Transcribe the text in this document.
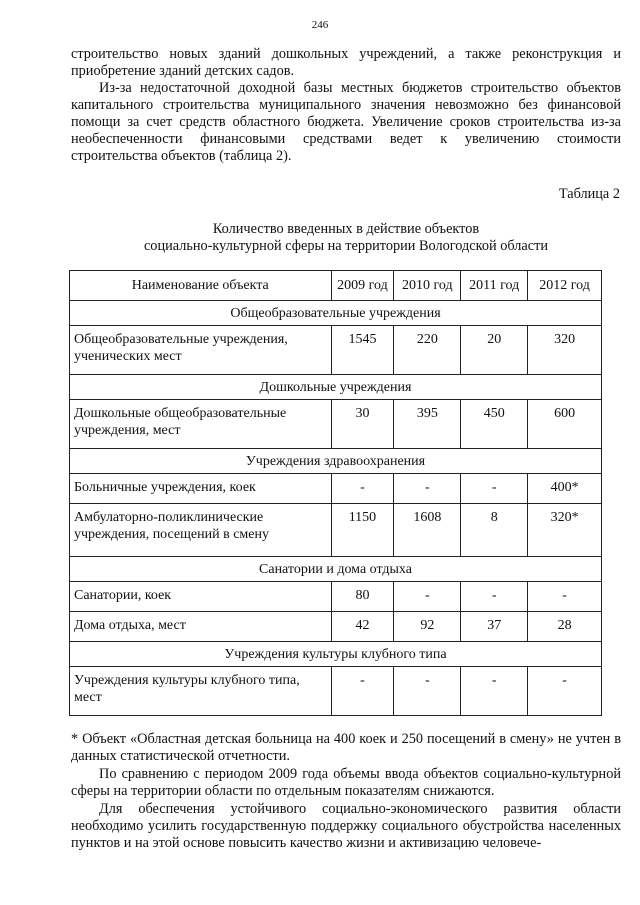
246

строительство новых зданий дошкольных учреждений, а также реконструкция и приобретение зданий детских садов.

Из-за недостаточной доходной базы местных бюджетов строительство объектов капитального строительства муниципального значения невозможно без финансовой помощи за счет средств областного бюджета. Увеличение сроков строительства из-за необеспеченности финансовыми средствами ведет к увеличению стоимости строительства объектов (таблица 2).

Таблица 2
Количество введенных в действие объектов
социально-культурной сферы на территории Вологодской области
Наименование объекта	2009 год	2010 год	2011 год	2012 год
Общеобразовательные учреждения				
Общеобразовательные учреждения, ученических мест	1545	220	20	320
Дошкольные учреждения				
Дошкольные общеобразовательные учреждения, мест	30	395	450	600
Учреждения здравоохранения				
Больничные учреждения, коек	-	-	-	400*
Амбулаторно-поликлинические учреждения, посещений в смену	1150	1608	8	320*
Санатории и дома отдыха				
Санатории, коек	80	-	-	-
Дома отдыха, мест	42	92	37	28
Учреждения культуры клубного типа				
Учреждения культуры клубного типа, мест	-	-	-	-

* Объект «Областная детская больница на 400 коек и 250 посещений в смену» не учтен в данных статистической отчетности.

По сравнению с периодом 2009 года объемы ввода объектов социально-культурной сферы на территории области по отдельным показателям снижаются.

Для обеспечения устойчивого социально-экономического развития области необходимо усилить государственную поддержку социального обустройства населенных пунктов и на этой основе повысить качество жизни и активизацию человече-
